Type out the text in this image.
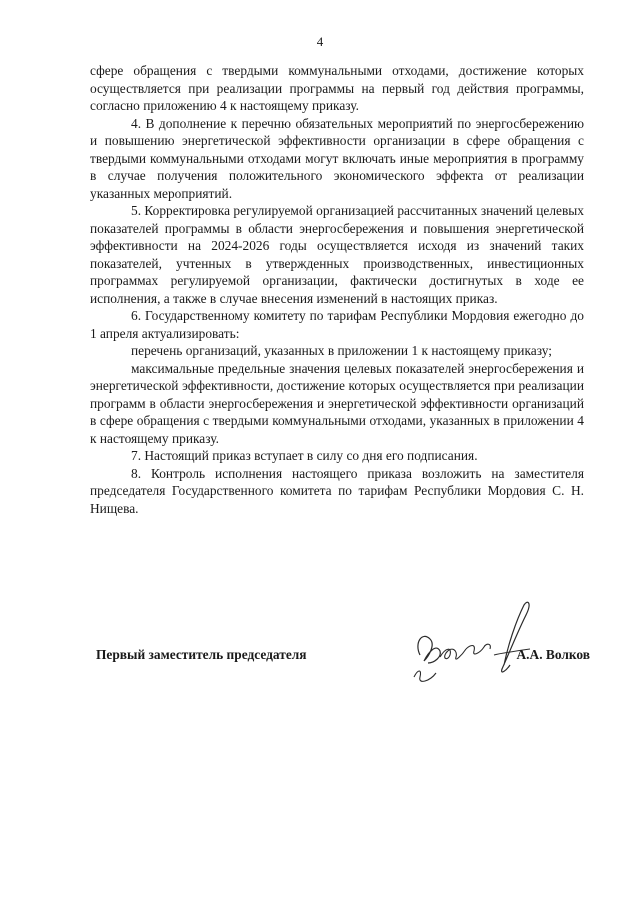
4

сфере обращения с твердыми коммунальными отходами, достижение которых осуществляется при реализации программы на первый год действия программы, согласно приложению 4 к настоящему приказу.

4. В дополнение к перечню обязательных мероприятий по энергосбережению и повышению энергетической эффективности организации в сфере обращения с твердыми коммунальными отходами могут включать иные мероприятия в программу в случае получения положительного экономического эффекта от реализации указанных мероприятий.

5. Корректировка регулируемой организацией рассчитанных значений целевых показателей программы в области энергосбережения и повышения энергетической эффективности на 2024-2026 годы осуществляется исходя из значений таких показателей, учтенных в утвержденных производственных, инвестиционных программах регулируемой организации, фактически достигнутых в ходе ее исполнения, а также в случае внесения изменений в настоящих приказ.

6. Государственному комитету по тарифам Республики Мордовия ежегодно до 1 апреля актуализировать:

перечень организаций, указанных в приложении 1 к настоящему приказу;

максимальные предельные значения целевых показателей энергосбережения и энергетической эффективности, достижение которых осуществляется при реализации программ в области энергосбережения и энергетической эффективности организаций в сфере обращения с твердыми коммунальными отходами, указанных в приложении 4 к настоящему приказу.

7. Настоящий приказ вступает в силу со дня его подписания.

8. Контроль исполнения настоящего приказа возложить на заместителя председателя Государственного комитета по тарифам Республики Мордовия С. Н. Нищева.

Первый заместитель председателя	А.А. Волков
